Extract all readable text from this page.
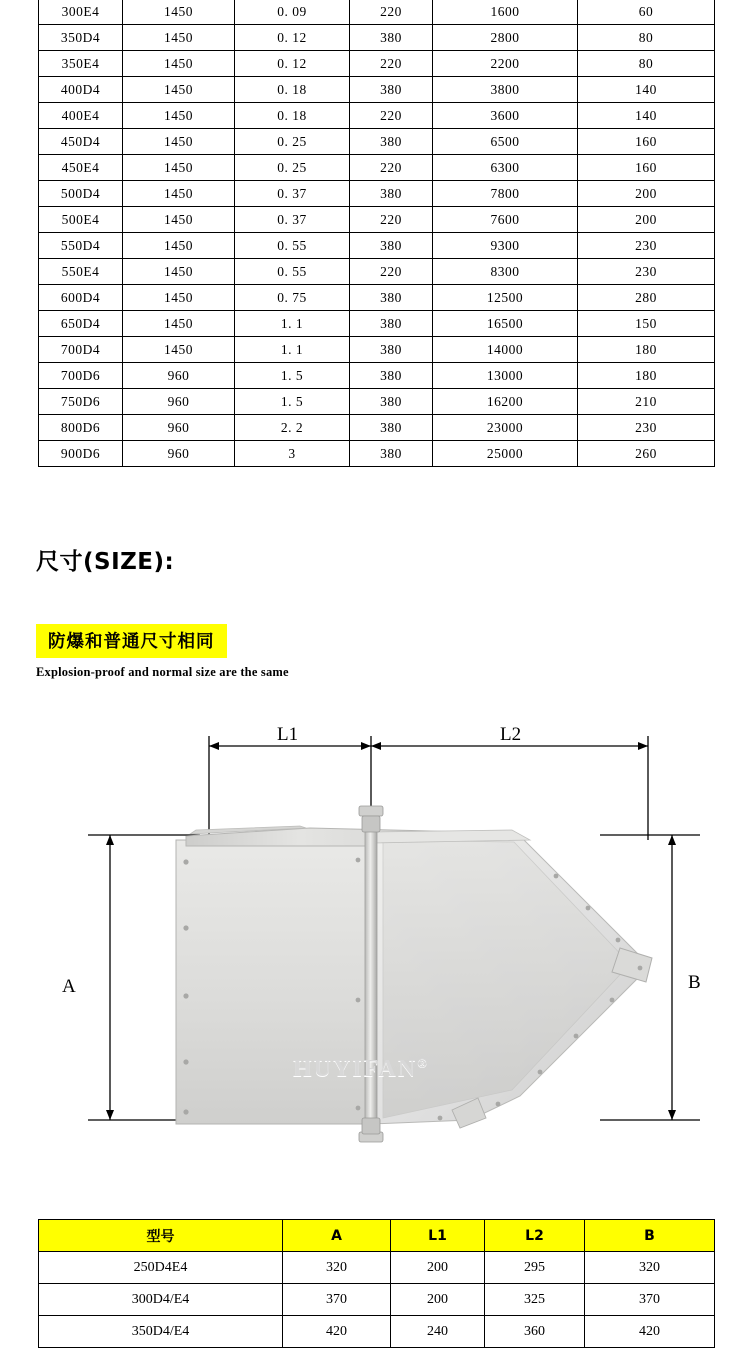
300E4	1450	0. 09	220	1600	60
350D4	1450	0. 12	380	2800	80
350E4	1450	0. 12	220	2200	80
400D4	1450	0. 18	380	3800	140
400E4	1450	0. 18	220	3600	140
450D4	1450	0. 25	380	6500	160
450E4	1450	0. 25	220	6300	160
500D4	1450	0. 37	380	7800	200
500E4	1450	0. 37	220	7600	200
550D4	1450	0. 55	380	9300	230
550E4	1450	0. 55	220	8300	230
600D4	1450	0. 75	380	12500	280
650D4	1450	1. 1	380	16500	150
700D4	1450	1. 1	380	14000	180
700D6	960	1. 5	380	13000	180
750D6	960	1. 5	380	16200	210
800D6	960	2. 2	380	23000	230
900D6	960	3	380	25000	260
尺寸(SIZE):
防爆和普通尺寸相同
Explosion-proof and normal size are the same
L1	L2
A	B
HUYIFAN®
型号	A	L1	L2	B
250D4E4	320	200	295	320
300D4/E4	370	200	325	370
350D4/E4	420	240	360	420
